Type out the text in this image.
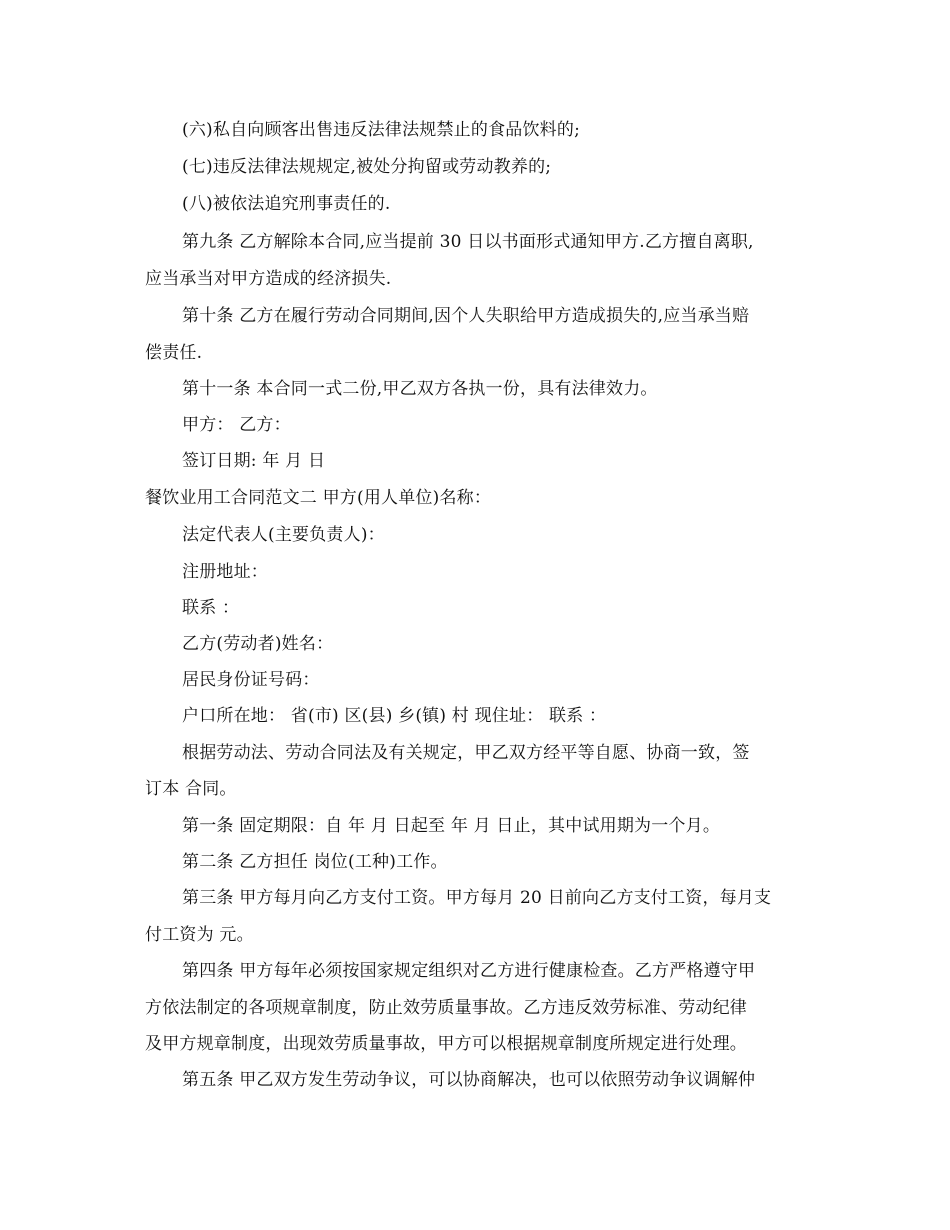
(六)私自向顾客出售违反法律法规禁止的食品饮料的;
(七)违反法律法规规定,被处分拘留或劳动教养的;
(八)被依法追究刑事责任的.
第九条 乙方解除本合同,应当提前 30 日以书面形式通知甲方.乙方擅自离职,
应当承当对甲方造成的经济损失.
第十条 乙方在履行劳动合同期间,因个人失职给甲方造成损失的,应当承当赔
偿责任.
第十一条 本合同一式二份,甲乙双方各执一份，具有法律效力。
甲方： 乙方：
签订日期: 年 月 日
餐饮业用工合同范文二 甲方(用人单位)名称：
法定代表人(主要负责人)：
注册地址：
联系 ：
乙方(劳动者)姓名：
居民身份证号码：
户口所在地： 省(市) 区(县) 乡(镇) 村 现住址： 联系 ：
根据劳动法、劳动合同法及有关规定，甲乙双方经平等自愿、协商一致，签
订本 合同。
第一条 固定期限：自 年 月 日起至 年 月 日止，其中试用期为一个月。
第二条 乙方担任 岗位(工种)工作。
第三条 甲方每月向乙方支付工资。甲方每月 20 日前向乙方支付工资，每月支
付工资为 元。
第四条 甲方每年必须按国家规定组织对乙方进行健康检查。乙方严格遵守甲
方依法制定的各项规章制度，防止效劳质量事故。乙方违反效劳标准、劳动纪律
及甲方规章制度，出现效劳质量事故，甲方可以根据规章制度所规定进行处理。
第五条 甲乙双方发生劳动争议，可以协商解决，也可以依照劳动争议调解仲
